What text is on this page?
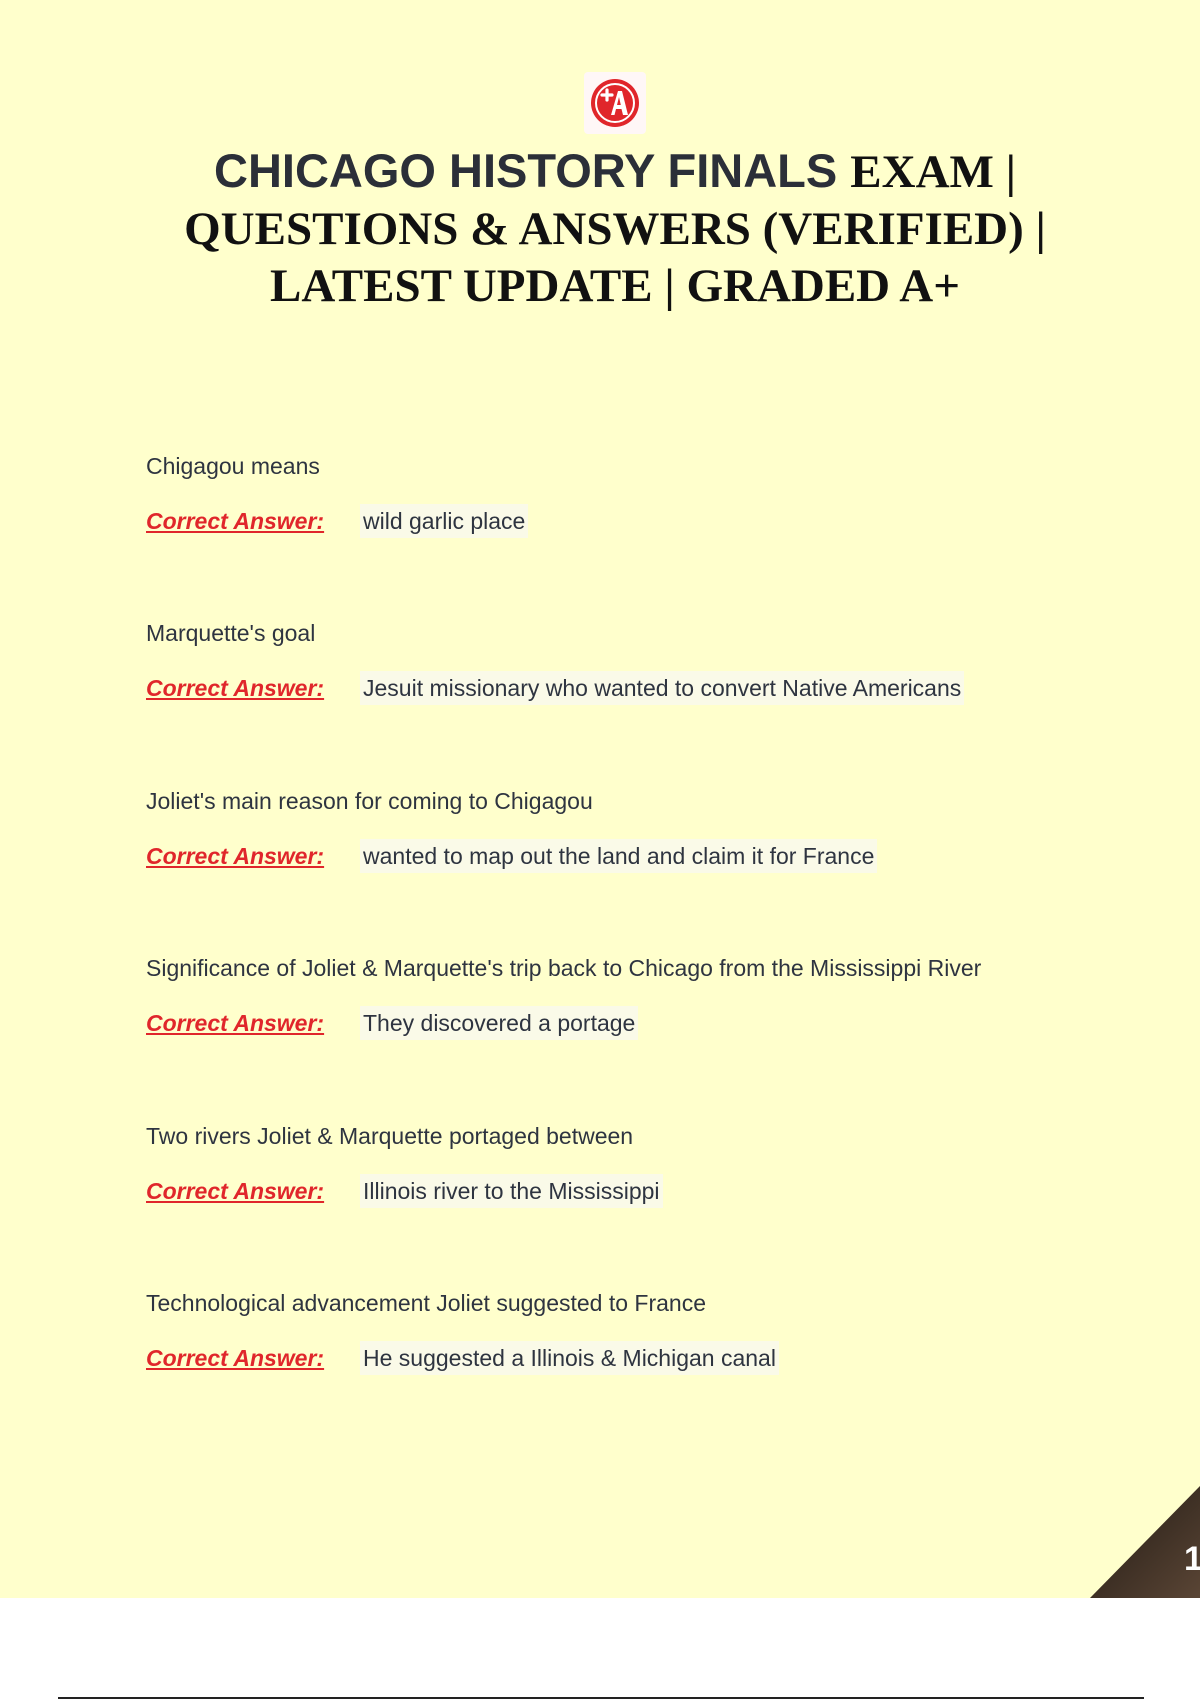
CHICAGO HISTORY FINALS EXAM |
QUESTIONS & ANSWERS (VERIFIED) |
LATEST UPDATE | GRADED A+
Chigagou means
Correct Answer: wild garlic place
Marquette's goal
Correct Answer: Jesuit missionary who wanted to convert Native Americans
Joliet's main reason for coming to Chigagou
Correct Answer: wanted to map out the land and claim it for France
Significance of Joliet & Marquette's trip back to Chicago from the Mississippi River
Correct Answer: They discovered a portage
Two rivers Joliet & Marquette portaged between
Correct Answer: Illinois river to the Mississippi
Technological advancement Joliet suggested to France
Correct Answer: He suggested a Illinois & Michigan canal
1
